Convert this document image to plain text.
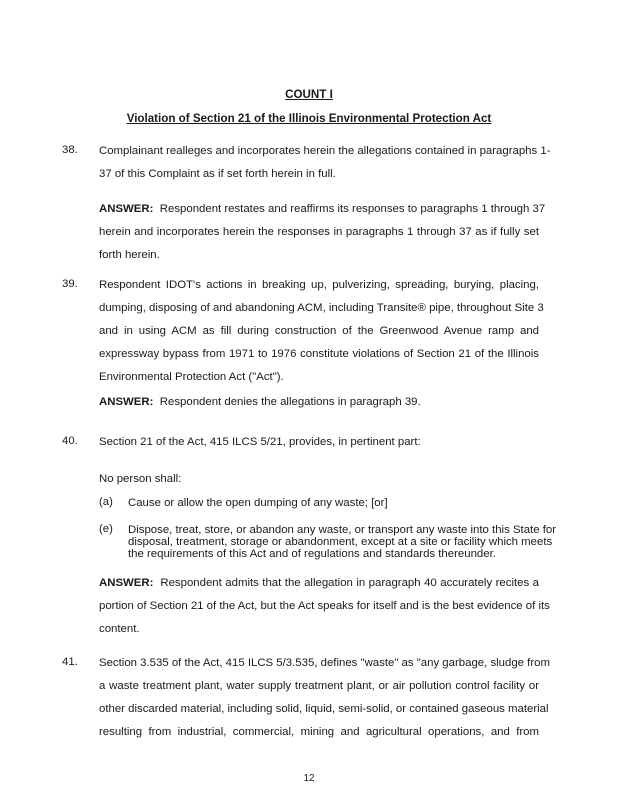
COUNT I
Violation of Section 21 of the Illinois Environmental Protection Act
38. Complainant realleges and incorporates herein the allegations contained in paragraphs 1-
37 of this Complaint as if set forth herein in full.
ANSWER: Respondent restates and reaffirms its responses to paragraphs 1 through 37
herein and incorporates herein the responses in paragraphs 1 through 37 as if fully set
forth herein.
39. Respondent IDOT's actions in breaking up, pulverizing, spreading, burying, placing,
dumping, disposing of and abandoning ACM, including Transite® pipe, throughout Site 3
and in using ACM as fill during construction of the Greenwood Avenue ramp and
expressway bypass from 1971 to 1976 constitute violations of Section 21 of the Illinois
Environmental Protection Act ("Act").
ANSWER: Respondent denies the allegations in paragraph 39.
40. Section 21 of the Act, 415 ILCS 5/21, provides, in pertinent part:
No person shall:
(a) Cause or allow the open dumping of any waste; [or]
(e) Dispose, treat, store, or abandon any waste, or transport any waste into this State for
disposal, treatment, storage or abandonment, except at a site or facility which meets
the requirements of this Act and of regulations and standards thereunder.
ANSWER: Respondent admits that the allegation in paragraph 40 accurately recites a
portion of Section 21 of the Act, but the Act speaks for itself and is the best evidence of its
content.
41. Section 3.535 of the Act, 415 ILCS 5/3.535, defines "waste" as "any garbage, sludge from
a waste treatment plant, water supply treatment plant, or air pollution control facility or
other discarded material, including solid, liquid, semi-solid, or contained gaseous material
resulting from industrial, commercial, mining and agricultural operations, and from
12
